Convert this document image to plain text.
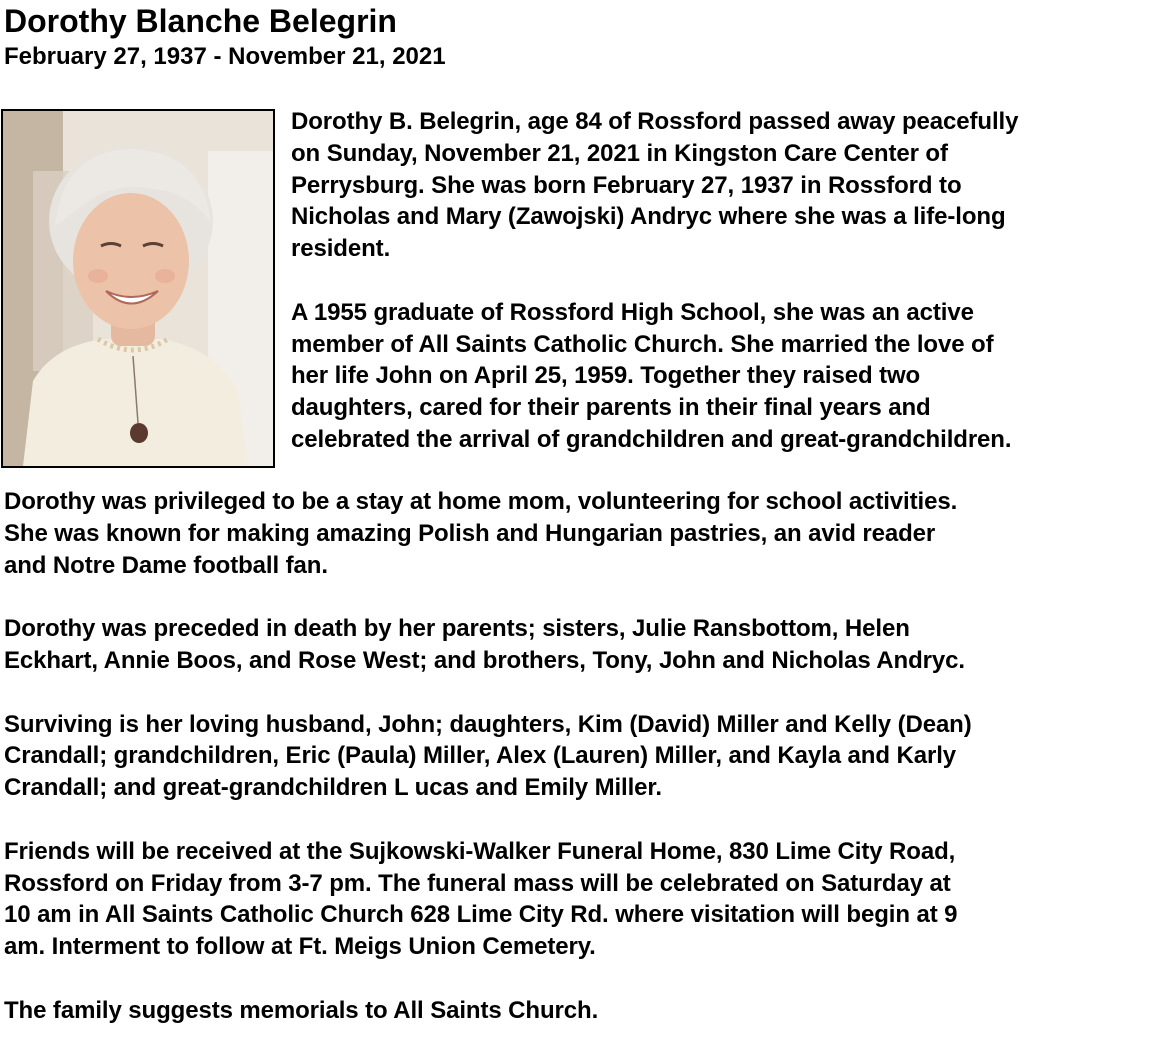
Dorothy Blanche Belegrin
February 27, 1937 - November 21, 2021

Dorothy B. Belegrin, age 84 of Rossford passed away peacefully
on Sunday, November 21, 2021 in Kingston Care Center of
Perrysburg. She was born February 27, 1937 in Rossford to
Nicholas and Mary (Zawojski) Andryc where she was a life-long
resident.

A 1955 graduate of Rossford High School, she was an active
member of All Saints Catholic Church. She married the love of
her life John on April 25, 1959. Together they raised two
daughters, cared for their parents in their final years and
celebrated the arrival of grandchildren and great-grandchildren.

Dorothy was privileged to be a stay at home mom, volunteering for school activities.
She was known for making amazing Polish and Hungarian pastries, an avid reader
and Notre Dame football fan.

Dorothy was preceded in death by her parents; sisters, Julie Ransbottom, Helen
Eckhart, Annie Boos, and Rose West; and brothers, Tony, John and Nicholas Andryc.

Surviving is her loving husband, John; daughters, Kim (David) Miller and Kelly (Dean)
Crandall; grandchildren, Eric (Paula) Miller, Alex (Lauren) Miller, and Kayla and Karly
Crandall; and great-grandchildren L ucas and Emily Miller.

Friends will be received at the Sujkowski-Walker Funeral Home, 830 Lime City Road,
Rossford on Friday from 3-7 pm. The funeral mass will be celebrated on Saturday at
10 am in All Saints Catholic Church 628 Lime City Rd. where visitation will begin at 9
am. Interment to follow at Ft. Meigs Union Cemetery.

The family suggests memorials to All Saints Church.
